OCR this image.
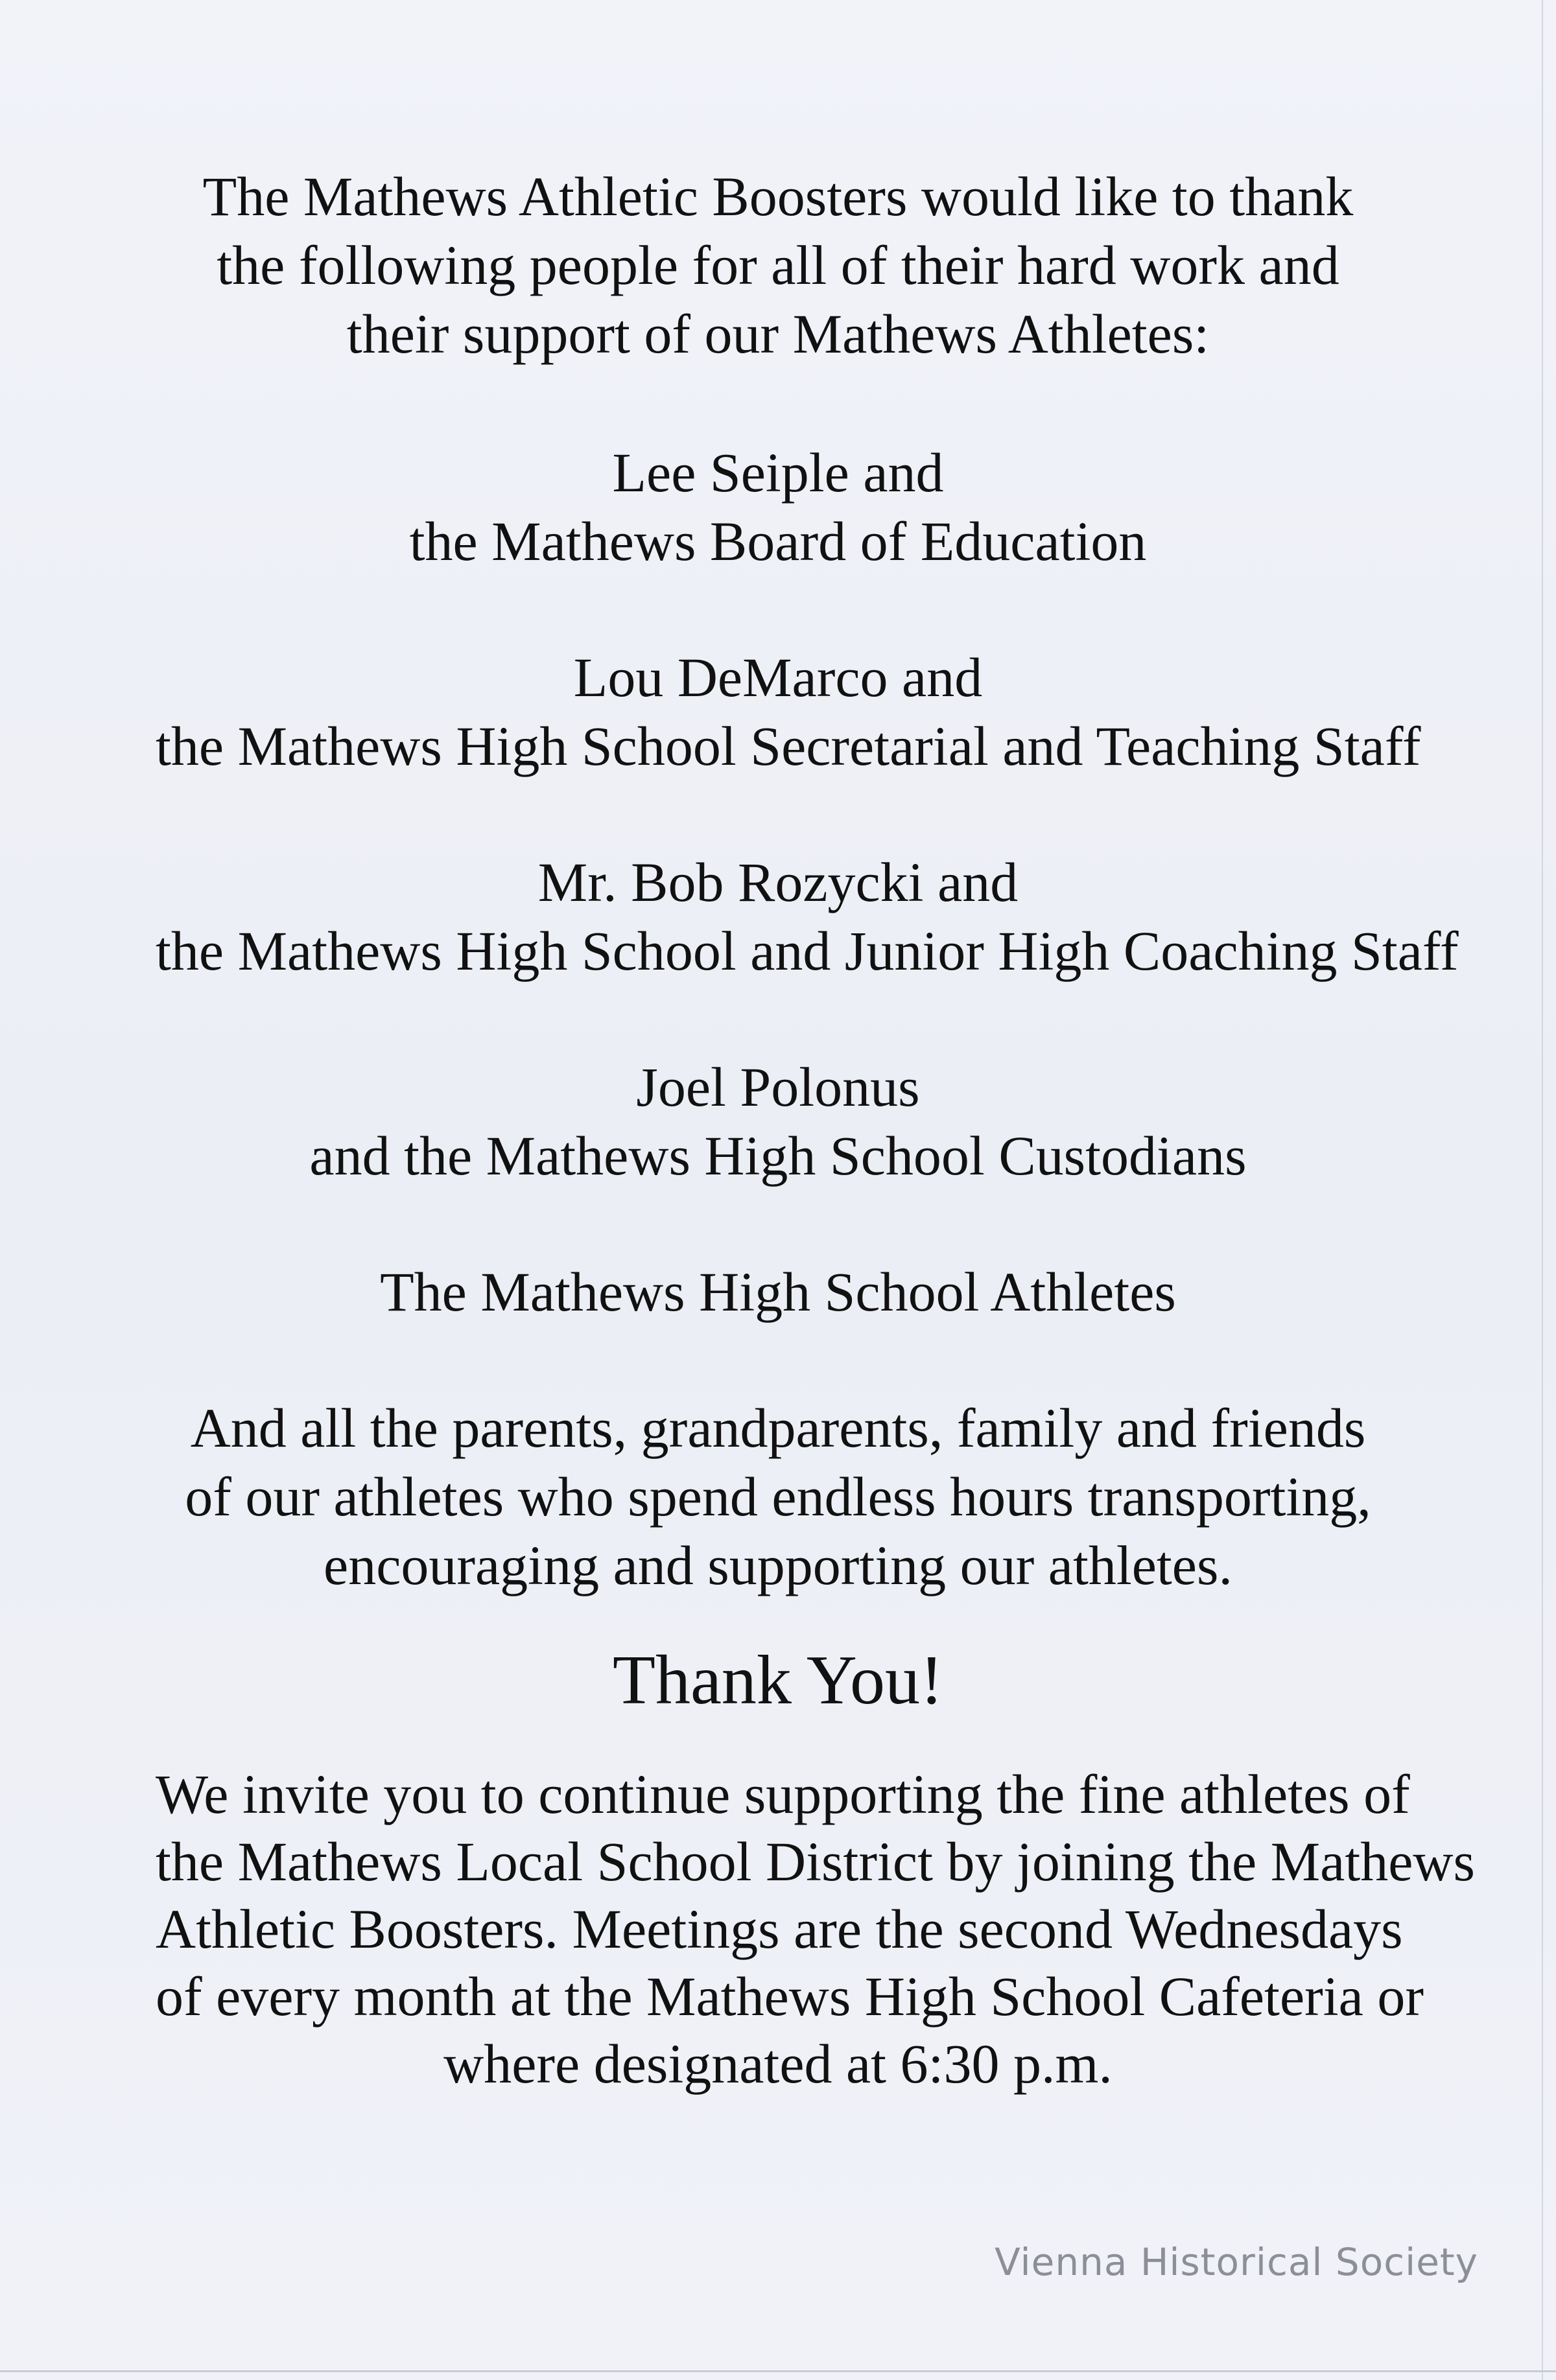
The Mathews Athletic Boosters would like to thank
the following people for all of their hard work and
their support of our Mathews Athletes:
Lee Seiple and
the Mathews Board of Education
Lou DeMarco and
the Mathews High School Secretarial and Teaching Staff
Mr. Bob Rozycki and
the Mathews High School and Junior High Coaching Staff
Joel Polonus
and the Mathews High School Custodians
The Mathews High School Athletes
And all the parents, grandparents, family and friends
of our athletes who spend endless hours transporting,
encouraging and supporting our athletes.
Thank You!
We invite you to continue supporting the fine athletes of
the Mathews Local School District by joining the Mathews
Athletic Boosters. Meetings are the second Wednesdays
of every month at the Mathews High School Cafeteria or
where designated at 6:30 p.m.
Vienna Historical Society
